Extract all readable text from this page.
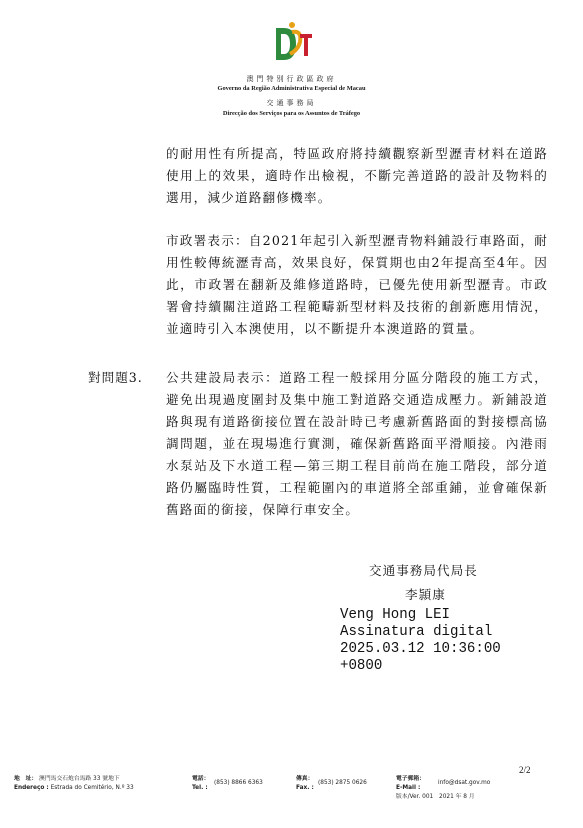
澳門特別行政區政府
Governo da Região Administrativa Especial de Macau
交通事務局
Direcção dos Serviços para os Assuntos de Tráfego

的耐用性有所提高，特區政府將持續觀察新型瀝青材料在道路使用上的效果，適時作出檢視，不斷完善道路的設計及物料的選用，減少道路翻修機率。

市政署表示：自2021年起引入新型瀝青物料鋪設行車路面，耐用性較傳統瀝青高，效果良好，保質期也由2年提高至4年。因此，市政署在翻新及維修道路時，已優先使用新型瀝青。市政署會持續關注道路工程範疇新型材料及技術的創新應用情況，並適時引入本澳使用，以不斷提升本澳道路的質量。

對問題3. 公共建設局表示：道路工程一般採用分區分階段的施工方式，避免出現過度圍封及集中施工對道路交通造成壓力。新鋪設道路與現有道路銜接位置在設計時已考慮新舊路面的對接標高協調問題，並在現場進行實測，確保新舊路面平滑順接。內港雨水泵站及下水道工程—第三期工程目前尚在施工階段，部分道路仍屬臨時性質，工程範圍內的車道將全部重鋪，並會確保新舊路面的銜接，保障行車安全。

交通事務局代局長
李頴康
Veng Hong LEI
Assinatura digital
2025.03.12 10:36:00
+0800
2/2
地　址： 澳門馬交石炮台馬路 33 號地下
Endereço : Estrada do Cemitério, N.º 33
電話：
Tel. :
(853) 8866 6363
傳真：
Fax. :
(853) 2875 0626
電子郵箱：
E-Mail :
info@dsat.gov.mo
版本/Ver. 001　2021 年 8 月
